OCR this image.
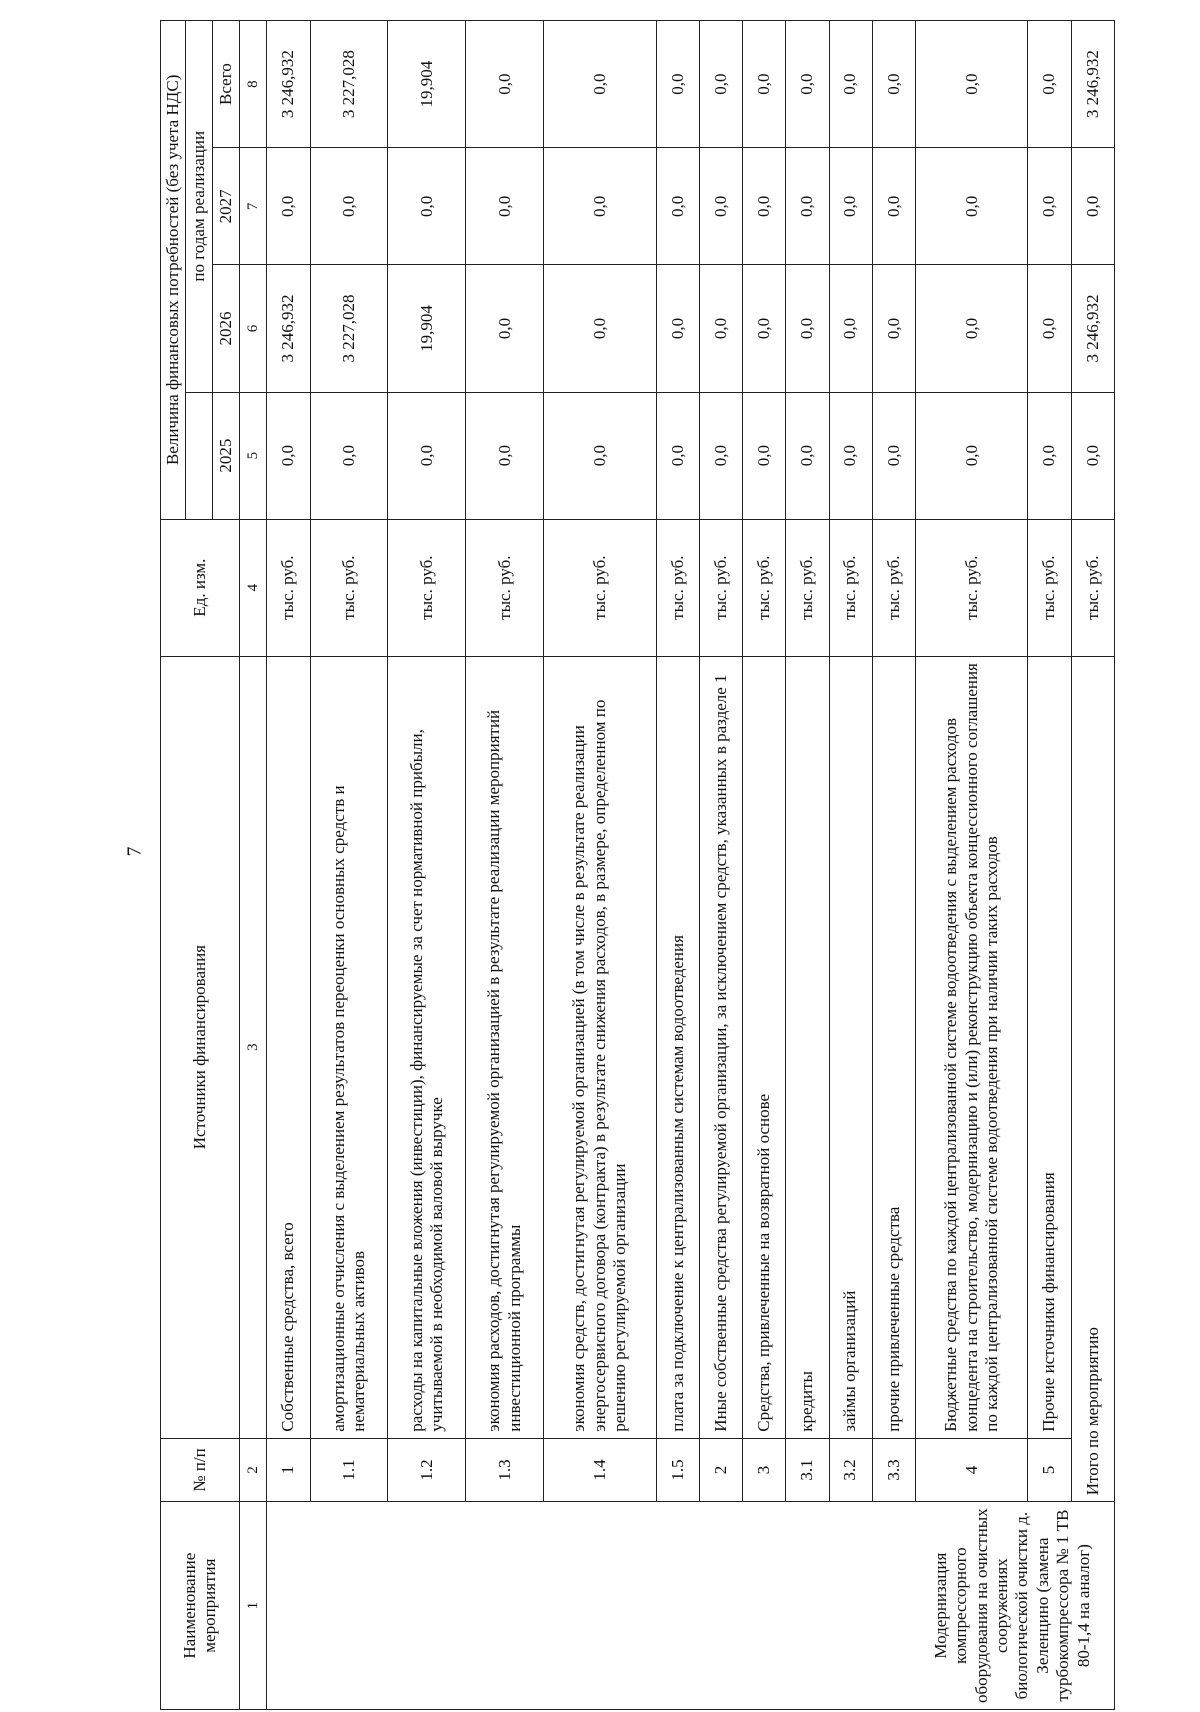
7
Наименование мероприятия	№ п/п	Источники финансирования	Ед. изм.	Величина финансовых потребностей (без учета НДС)			
					по годам реализации		
				2025	2026	2027	Всего
1	2	3	4	5	6	7	8
Модернизация компрессорного оборудования на очистных сооружениях биологической очистки д. Зеленцино (замена турбокомпрессора № 1 ТВ 80-1,4 на аналог)	1	Собственные средства, всего	тыс. руб.	0,0	3 246,932	0,0	3 246,932
	1.1	амортизационные отчисления с выделением результатов переоценки основных средств и нематериальных активов	тыс. руб.	0,0	3 227,028	0,0	3 227,028
	1.2	расходы на капитальные вложения (инвестиции), финансируемые за счет нормативной прибыли, учитываемой в необходимой валовой выручке	тыс. руб.	0,0	19,904	0,0	19,904
	1.3	экономия расходов, достигнутая регулируемой организацией в результате реализации мероприятий инвестиционной программы	тыс. руб.	0,0	0,0	0,0	0,0
	1.4	экономия средств, достигнутая регулируемой организацией (в том числе в результате реализации энергосервисного договора (контракта) в результате снижения расходов, в размере, определенном по решению регулируемой организации	тыс. руб.	0,0	0,0	0,0	0,0
	1.5	плата за подключение к централизованным системам водоотведения	тыс. руб.	0,0	0,0	0,0	0,0
	2	Иные собственные средства регулируемой организации, за исключением средств, указанных в разделе 1	тыс. руб.	0,0	0,0	0,0	0,0
	3	Средства, привлеченные на возвратной основе	тыс. руб.	0,0	0,0	0,0	0,0
	3.1	кредиты	тыс. руб.	0,0	0,0	0,0	0,0
	3.2	займы организаций	тыс. руб.	0,0	0,0	0,0	0,0
	3.3	прочие привлеченные средства	тыс. руб.	0,0	0,0	0,0	0,0
	4	Бюджетные средства по каждой централизованной системе водоотведения с выделением расходов концедента на строительство, модернизацию и (или) реконструкцию объекта концессионного соглашения по каждой централизованной системе водоотведения при наличии таких расходов	тыс. руб.	0,0	0,0	0,0	0,0
	5	Прочие источники финансирования	тыс. руб.	0,0	0,0	0,0	0,0
	Итого по мероприятию		тыс. руб.	0,0	3 246,932	0,0	3 246,932
